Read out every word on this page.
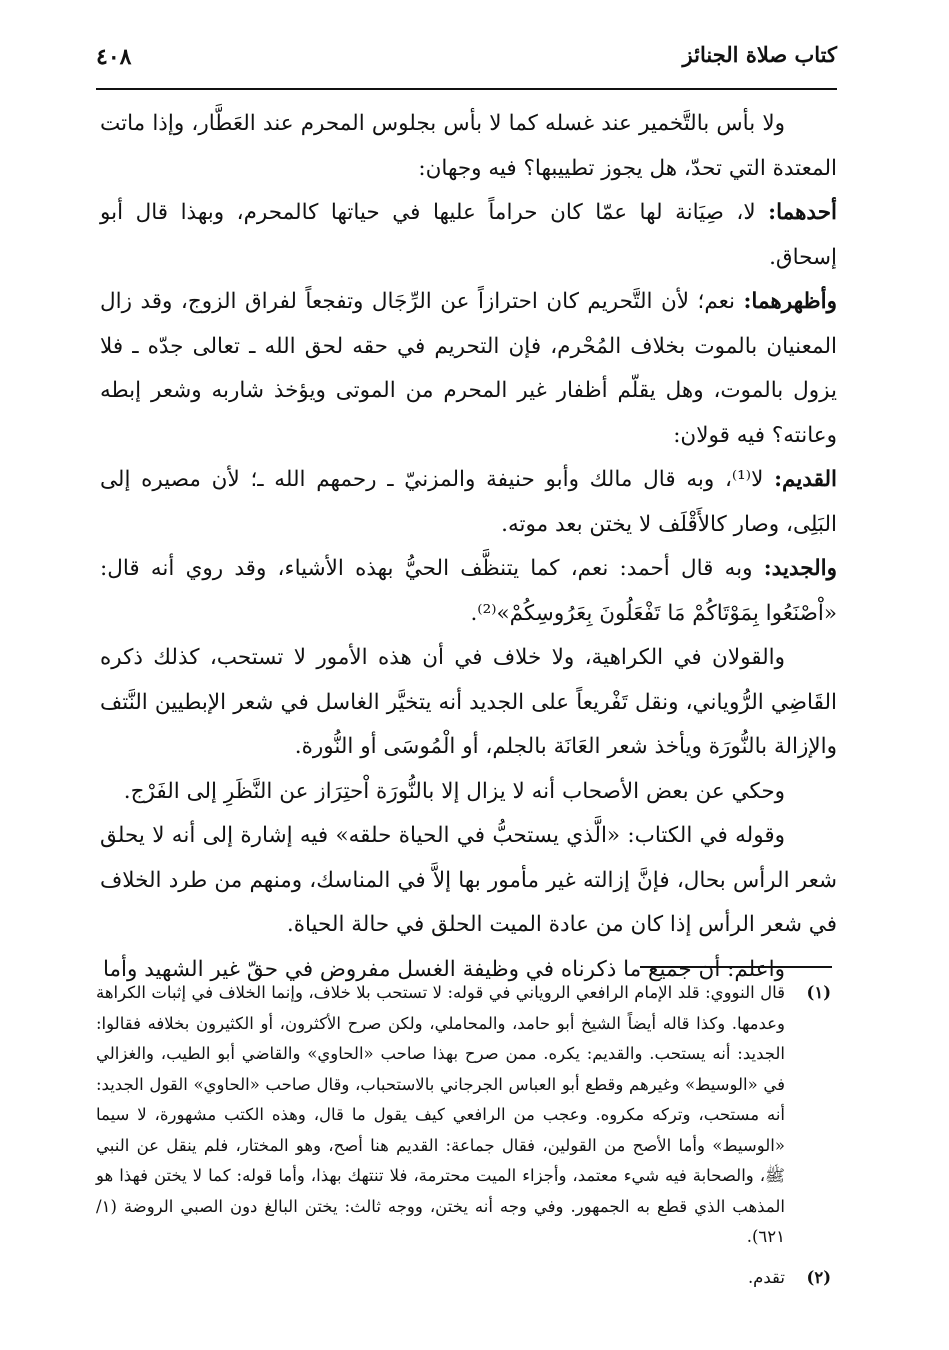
كتاب صلاة الجنائز
٤٠٨

ولا بأس بالتَّخمير عند غسله كما لا بأس بجلوس المحرم عند العَطَّار، وإذا ماتت المعتدة التي تحدّ، هل يجوز تطييبها؟ فيه وجهان:

أحدهما: لا، صِيَانة لها عمّا كان حراماً عليها في حياتها كالمحرم، وبهذا قال أبو إسحاق.

وأظهرهما: نعم؛ لأن التَّحريم كان احترازاً عن الرِّجَال وتفجعاً لفراق الزوج، وقد زال المعنيان بالموت بخلاف المُحْرم، فإن التحريم في حقه لحق الله ـ تعالى جدّه ـ فلا يزول بالموت، وهل يقلّم أظفار غير المحرم من الموتى ويؤخذ شاربه وشعر إبطه وعانته؟ فيه قولان:

القديم: لا⁽¹⁾، وبه قال مالك وأبو حنيفة والمزنيّ ـ رحمهم الله ـ؛ لأن مصيره إلى البَلِى، وصار كالأَقْلَف لا يختن بعد موته.

والجديد: وبه قال أحمد: نعم، كما يتنظَّف الحيُّ بهذه الأشياء، وقد روي أنه قال: «اْصْنَعُوا بِمَوْتَاكُمْ مَا تَفْعَلُونَ بِعَرُوسِكُمْ»⁽²⁾.

والقولان في الكراهية، ولا خلاف في أن هذه الأمور لا تستحب، كذلك ذكره القَاضِي الرُّوياني، ونقل تَفْريعاً على الجديد أنه يتخيَّر الغاسل في شعر الإبطيين النَّتف والإزالة بالنُّورَة ويأخذ شعر العَانَة بالجلم، أو الْمُوسَى أو النُّورة.

وحكي عن بعض الأصحاب أنه لا يزال إلا بالنُّورَة اْحتِرَاز عن النَّظَرِ إلى الفَرْج.

وقوله في الكتاب: «الَّذي يستحبُّ في الحياة حلقه» فيه إشارة إلى أنه لا يحلق شعر الرأس بحال، فإنَّ إزالته غير مأمور بها إلاَّ في المناسك، ومنهم من طرد الخلاف في شعر الرأس إذا كان من عادة الميت الحلق في حالة الحياة.

واعلم: أن جميع ما ذكرناه في وظيفة الغسل مفروض في حقّ غير الشهيد وأما

(١)
قال النووي: قلد الإمام الرافعي الروياني في قوله: لا تستحب بلا خلاف، وإنما الخلاف في إثبات الكراهة وعدمها. وكذا قاله أيضاً الشيخ أبو حامد، والمحاملي، ولكن صرح الأكثرون، أو الكثيرون بخلافه فقالوا: الجديد: أنه يستحب. والقديم: يكره. ممن صرح بهذا صاحب «الحاوي» والقاضي أبو الطيب، والغزالي في «الوسيط» وغيرهم وقطع أبو العباس الجرجاني بالاستحباب، وقال صاحب «الحاوي» القول الجديد: أنه مستحب، وتركه مكروه. وعجب من الرافعي كيف يقول ما قال، وهذه الكتب مشهورة، لا سيما «الوسيط» وأما الأصح من القولين، فقال جماعة: القديم هنا أصح، وهو المختار، فلم ينقل عن النبي ﷺ، والصحابة فيه شيء معتمد، وأجزاء الميت محترمة، فلا تنتهك بهذا، وأما قوله: كما لا يختن فهذا هو المذهب الذي قطع به الجمهور. وفي وجه أنه يختن، ووجه ثالث: يختن البالغ دون الصبي الروضة (١/ ٦٢١).

(٢)
تقدم.
